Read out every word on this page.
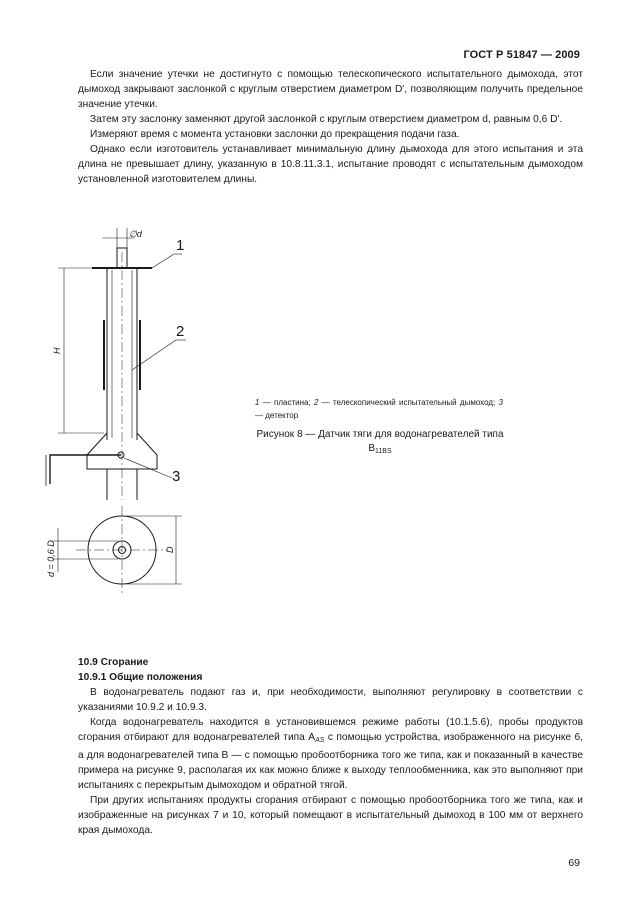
ГОСТ Р 51847 — 2009

Если значение утечки не достигнуто с помощью телескопического испытательного дымохода, этот дымоход закрывают заслонкой с круглым отверстием диаметром D', позволяющим получить предельное значение утечки.

Затем эту заслонку заменяют другой заслонкой с круглым отверстием диаметром d, равным 0,6 D'.

Измеряют время с момента установки заслонки до прекращения подачи газа.

Однако если изготовитель устанавливает минимальную длину дымохода для этого испытания и эта длина не превышает длину, указанную в 10.8.11.3.1, испытание проводят с испытательным дымоходом установленной изготовителем длины.

∅d
1
2
3
H
D
d = 0,6 D
1 — пластина; 2 — телескопический испытательный дымоход; 3 — детектор
Рисунок 8 — Датчик тяги для водонагревателей типа $B_{11BS}$

10.9 Сгорание

10.9.1 Общие положения

В водонагреватель подают газ и, при необходимости, выполняют регулировку в соответствии с указаниями 10.9.2 и 10.9.3.

Когда водонагреватель находится в установившемся режиме работы (10.1.5.6), пробы продуктов сгорания отбирают для водонагревателей типа $A_{AS}$ с помощью устройства, изображенного на рисунке 6, а для водонагревателей типа B — с помощью пробоотборника того же типа, как и показанный в качестве примера на рисунке 9, располагая их как можно ближе к выходу теплообменника, как это выполняют при испытаниях с перекрытым дымоходом и обратной тягой.

При других испытаниях продукты сгорания отбирают с помощью пробоотборника того же типа, как и изображенные на рисунках 7 и 10, который помещают в испытательный дымоход в 100 мм от верхнего края дымохода.

69
